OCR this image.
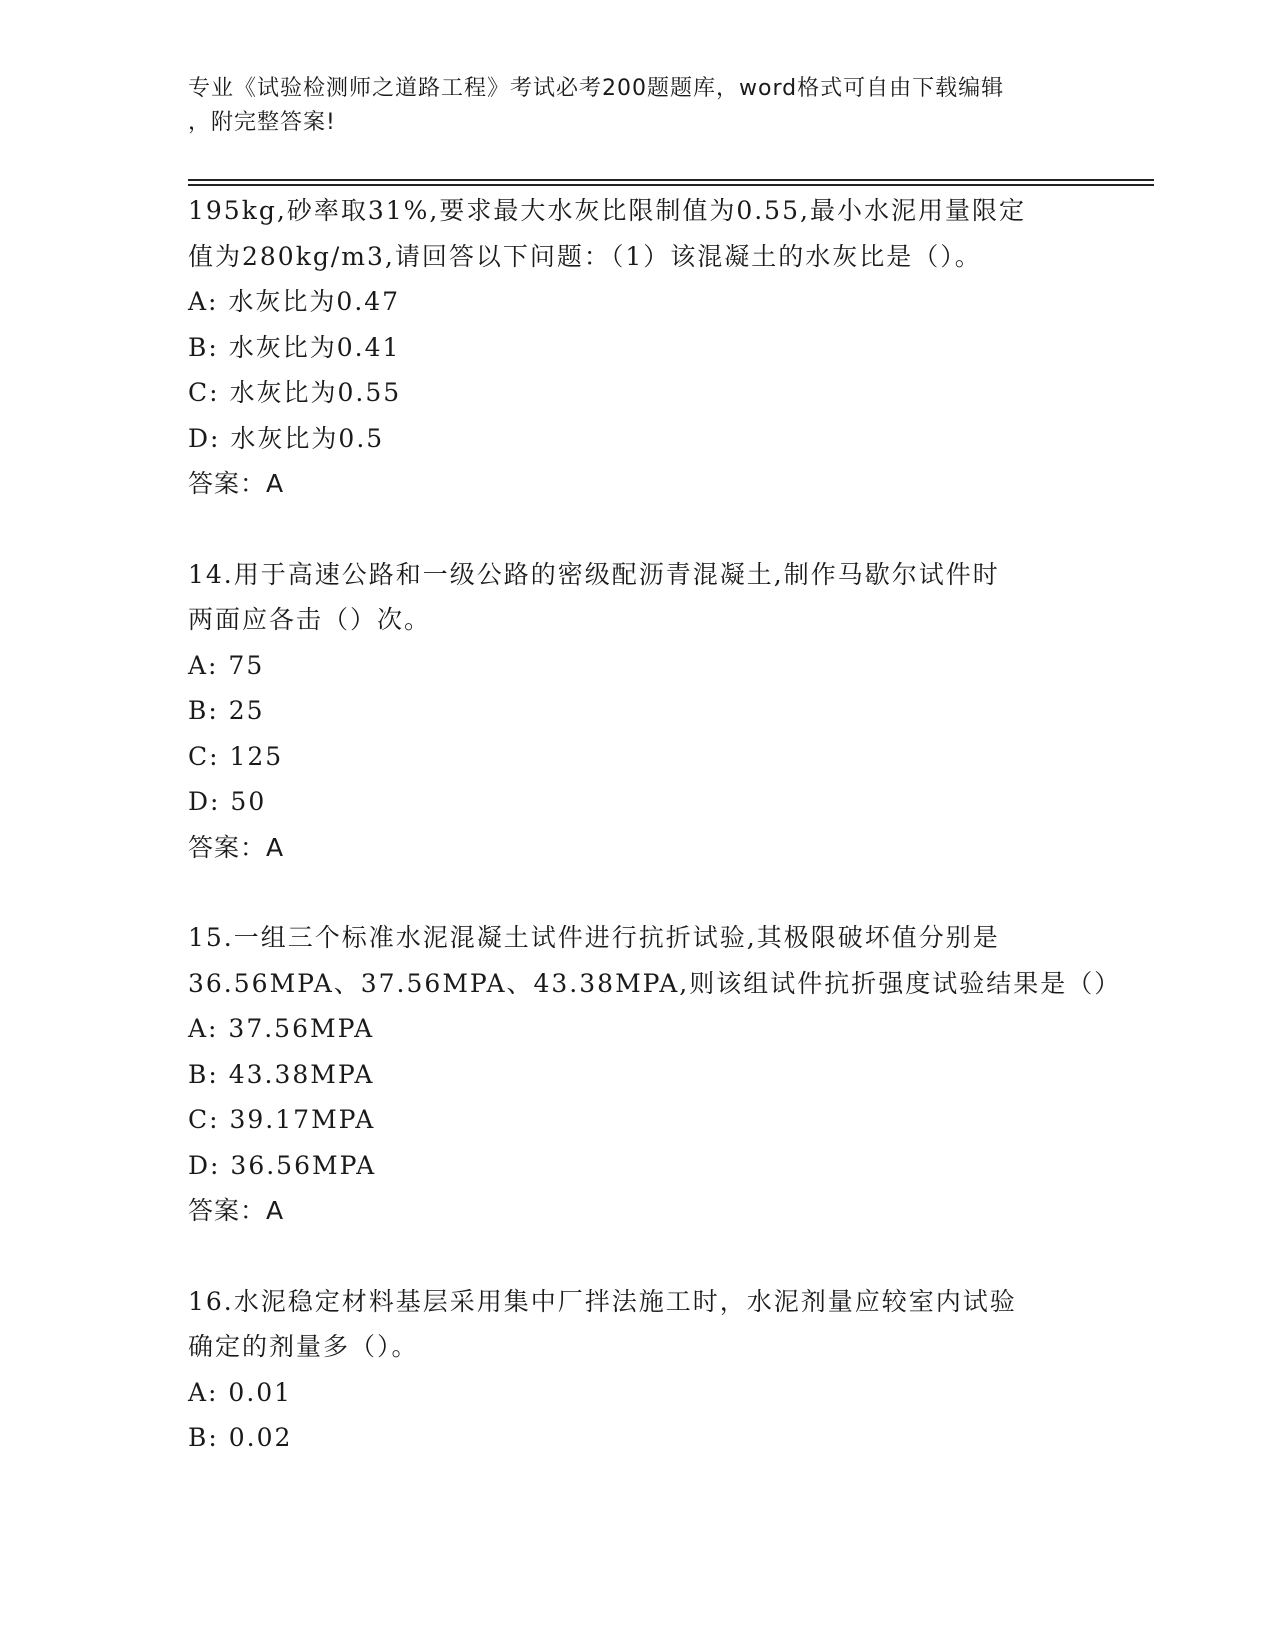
专业《试验检测师之道路工程》考试必考200题题库，word格式可自由下载编辑
，附完整答案!
195kg,砂率取31%,要求最大水灰比限制值为0.55,最小水泥用量限定
值为280kg/m3,请回答以下问题：（1）该混凝土的水灰比是（）。
A: 水灰比为0.47
B: 水灰比为0.41
C: 水灰比为0.55
D: 水灰比为0.5
答案：A
14.用于高速公路和一级公路的密级配沥青混凝土,制作马歇尔试件时
两面应各击（）次。
A: 75
B: 25
C: 125
D: 50
答案：A
15.一组三个标准水泥混凝土试件进行抗折试验,其极限破坏值分别是
36.56MPA、37.56MPA、43.38MPA,则该组试件抗折强度试验结果是（）
A: 37.56MPA
B: 43.38MPA
C: 39.17MPA
D: 36.56MPA
答案：A
16.水泥稳定材料基层采用集中厂拌法施工时，水泥剂量应较室内试验
确定的剂量多（）。
A: 0.01
B: 0.02
